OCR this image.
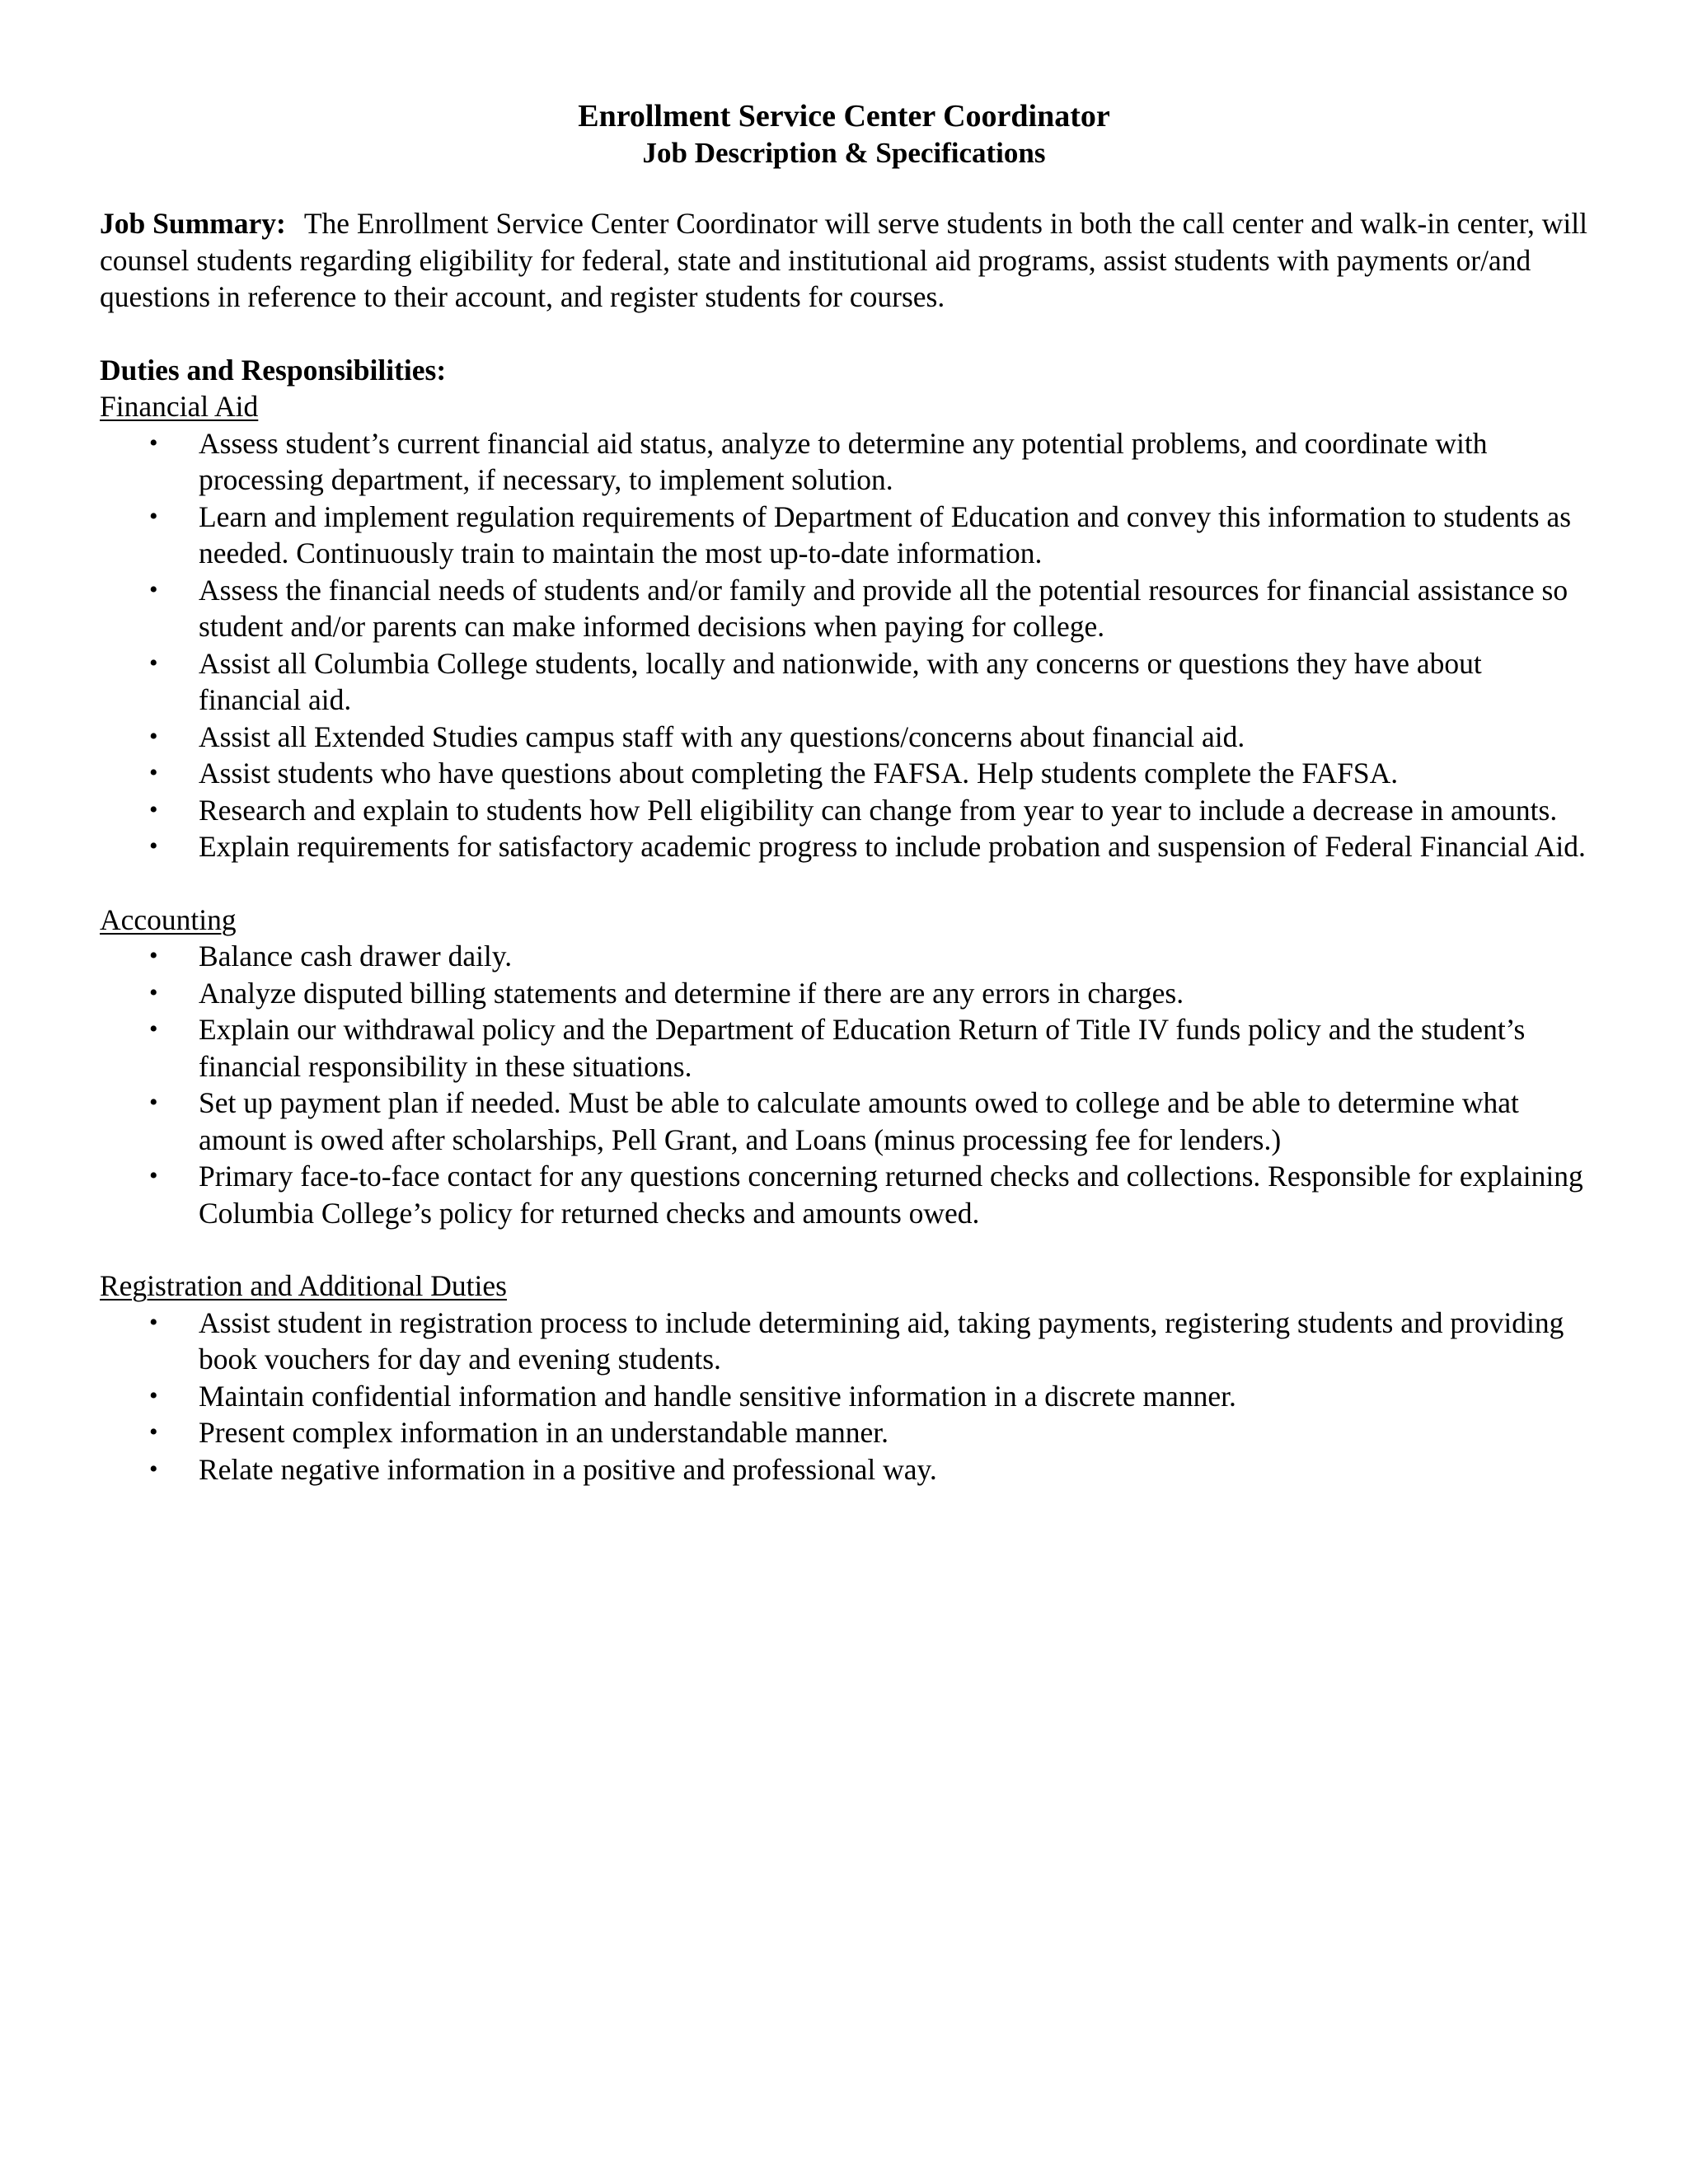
Enrollment Service Center Coordinator

Job Description & Specifications

Job Summary: The Enrollment Service Center Coordinator will serve students in both the call center and walk-in center, will counsel students regarding eligibility for federal, state and institutional aid programs, assist students with payments or/and questions in reference to their account, and register students for courses.

Duties and Responsibilities:

Financial Aid

• Assess student’s current financial aid status, analyze to determine any potential problems, and coordinate with processing department, if necessary, to implement solution.
• Learn and implement regulation requirements of Department of Education and convey this information to students as needed. Continuously train to maintain the most up-to-date information.
• Assess the financial needs of students and/or family and provide all the potential resources for financial assistance so student and/or parents can make informed decisions when paying for college.
• Assist all Columbia College students, locally and nationwide, with any concerns or questions they have about financial aid.
• Assist all Extended Studies campus staff with any questions/concerns about financial aid.
• Assist students who have questions about completing the FAFSA. Help students complete the FAFSA.
• Research and explain to students how Pell eligibility can change from year to year to include a decrease in amounts.
• Explain requirements for satisfactory academic progress to include probation and suspension of Federal Financial Aid.

Accounting

• Balance cash drawer daily.
• Analyze disputed billing statements and determine if there are any errors in charges.
• Explain our withdrawal policy and the Department of Education Return of Title IV funds policy and the student’s financial responsibility in these situations.
• Set up payment plan if needed. Must be able to calculate amounts owed to college and be able to determine what amount is owed after scholarships, Pell Grant, and Loans (minus processing fee for lenders.)
• Primary face-to-face contact for any questions concerning returned checks and collections. Responsible for explaining Columbia College’s policy for returned checks and amounts owed.

Registration and Additional Duties

• Assist student in registration process to include determining aid, taking payments, registering students and providing book vouchers for day and evening students.
• Maintain confidential information and handle sensitive information in a discrete manner.
• Present complex information in an understandable manner.
• Relate negative information in a positive and professional way.
